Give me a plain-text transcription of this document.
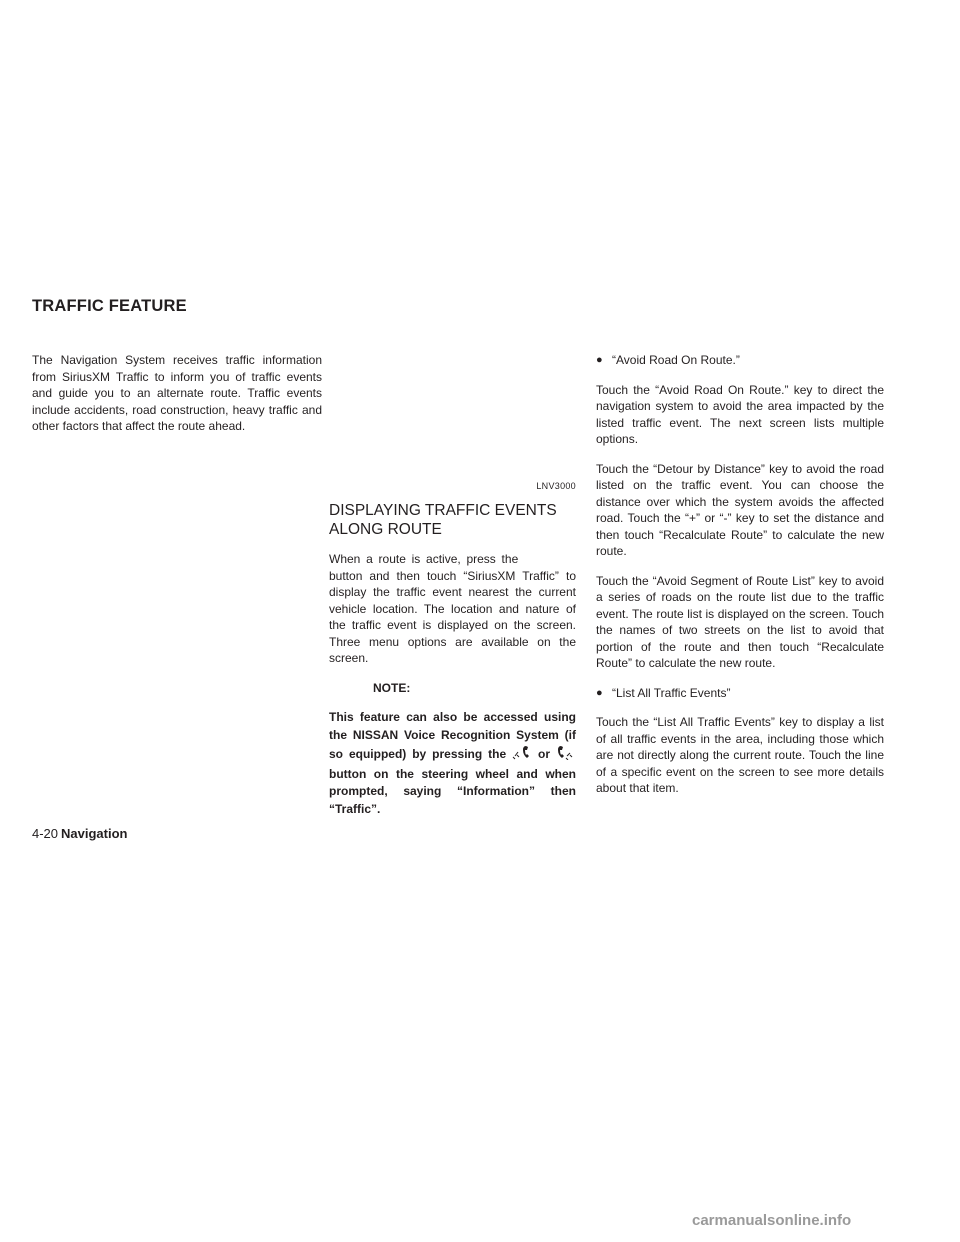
TRAFFIC FEATURE

The Navigation System receives traffic information from SiriusXM Traffic to inform you of traffic events and guide you to an alternate route. Traffic events include accidents, road construction, heavy traffic and other factors that affect the route ahead.

LNV3000
DISPLAYING TRAFFIC EVENTS
ALONG ROUTE

When a route is active, press the  button and then touch “SiriusXM Traffic” to display the traffic event nearest the current vehicle location. The location and nature of the traffic event is displayed on the screen. Three menu options are available on the screen.

NOTE:

This feature can also be accessed using the NISSAN Voice Recognition System (if so equipped) by pressing the	or  button on the steering wheel and when prompted, saying “Information” then “Traffic”.

● “Avoid Road On Route.”

Touch the “Avoid Road On Route.” key to direct the navigation system to avoid the area impacted by the listed traffic event. The next screen lists multiple options.

Touch the “Detour by Distance” key to avoid the road listed on the traffic event. You can choose the distance over which the system avoids the affected road. Touch the “+” or “-” key to set the distance and then touch “Recalculate Route” to calculate the new route.

Touch the “Avoid Segment of Route List” key to avoid a series of roads on the route list due to the traffic event. The route list is displayed on the screen. Touch the names of two streets on the list to avoid that portion of the route and then touch “Recalculate Route” to calculate the new route.

● “List All Traffic Events”

Touch the “List All Traffic Events” key to display a list of all traffic events in the area, including those which are not directly along the current route. Touch the line of a specific event on the screen to see more details about that item.

4-20 Navigation
carmanualsonline.info
